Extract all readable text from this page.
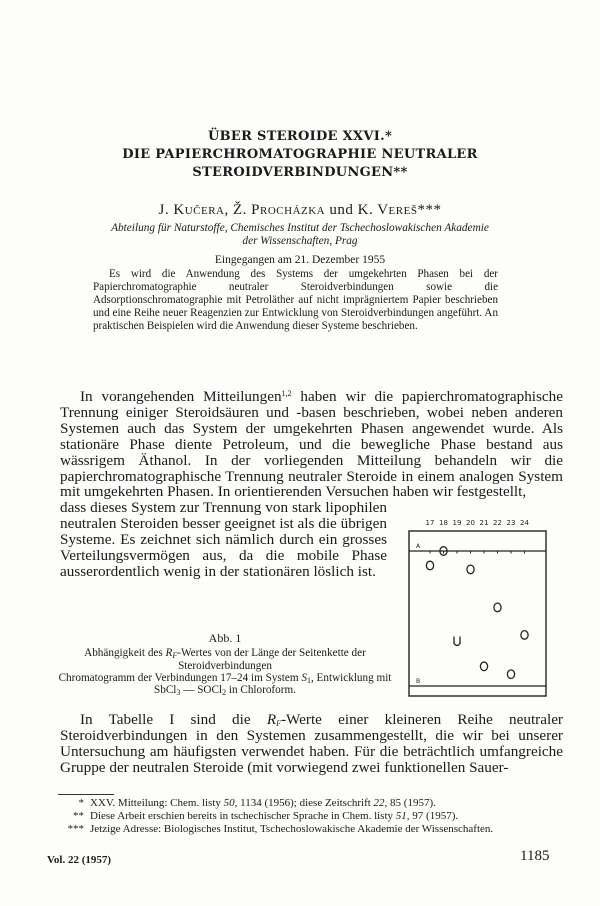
ÜBER STEROIDE XXVI.*
DIE PAPIERCHROMATOGRAPHIE NEUTRALER
STEROIDVERBINDUNGEN**
J. Kučera, Ž. Procházka und K. Vereš***
Abteilung für Naturstoffe, Chemisches Institut der Tschechoslowakischen Akademie
der Wissenschaften, Prag
Eingegangen am 21. Dezember 1955

Es wird die Anwendung des Systems der umgekehrten Phasen bei der Papierchromatographie neutraler Steroidverbindungen sowie die Adsorptionschromatographie mit Petroläther auf nicht imprägniertem Papier beschrieben und eine Reihe neuer Reagenzien zur Entwicklung von Steroidverbindungen angeführt. An praktischen Beispielen wird die Anwendung dieser Systeme beschrieben.

In vorangehenden Mitteilungen$^{1,2}$ haben wir die papierchromatographische Trennung einiger Steroidsäuren und -basen beschrieben, wobei neben anderen Systemen auch das System der umgekehrten Phasen angewendet wurde. Als stationäre Phase diente Petroleum, und die bewegliche Phase bestand aus wässrigem Äthanol. In der vorliegenden Mitteilung behandeln wir die papierchromatographische Trennung neutraler Steroide in einem analogen System mit umgekehrten Phasen. In orientierenden Versuchen haben wir festgestellt,

dass dieses System zur Trennung von stark lipophilen neutralen Steroiden besser geeignet ist als die übrigen Systeme. Es zeichnet sich nämlich durch ein grosses Verteilungsvermögen aus, da die mobile Phase ausserordentlich wenig in der stationären löslich ist.

17 18 19 20 21 22 23 24
A
B
Abb. 1
Abhängigkeit des $R_F$-Wertes von der Länge der Seitenkette der Steroidverbindungen
Chromatogramm der Verbindungen 17–24 im System $S_1$, Entwicklung mit SbCl$_3$ — SOCl$_2$ in Chloroform.

In Tabelle I sind die $R_F$-Werte einer kleineren Reihe neutraler Steroidverbindungen in den Systemen zusammengestellt, die wir bei unserer Untersuchung am häufigsten verwendet haben. Für die beträchtlich umfangreiche Gruppe der neutralen Steroide (mit vorwiegend zwei funktionellen Sauer-

* XXV. Mitteilung: Chem. listy 50, 1134 (1956); diese Zeitschrift 22, 85 (1957).
** Diese Arbeit erschien bereits in tschechischer Sprache in Chem. listy 51, 97 (1957).
*** Jetzige Adresse: Biologisches Institut, Tschechoslowakische Akademie der Wissenschaften.
Vol. 22 (1957)	1185
